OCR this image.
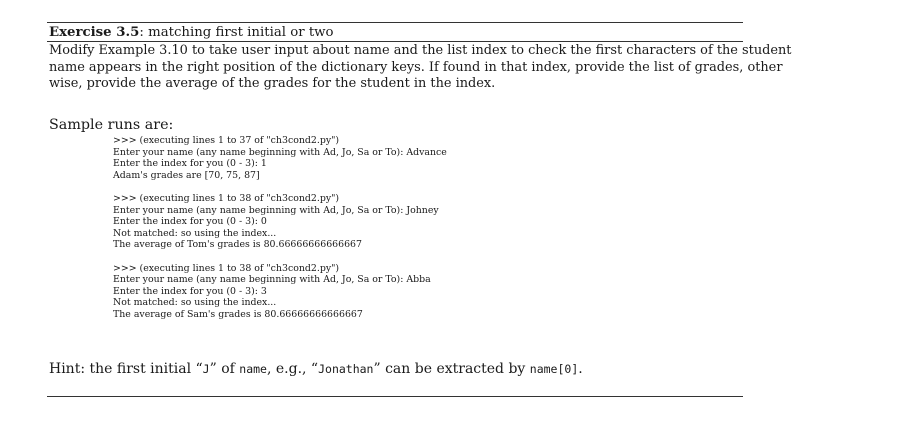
Exercise 3.5: matching first initial or two
Modify Example 3.10 to take user input about name and the list index to check the first characters of the student
name appears in the right position of the dictionary keys. If found in that index, provide the list of grades, other
wise, provide the average of the grades for the student in the index.
Sample runs are:
>>> (executing lines 1 to 37 of "ch3cond2.py")
Enter your name (any name beginning with Ad, Jo, Sa or To): Advance
Enter the index for you (0 - 3): 1
Adam's grades are [70, 75, 87]
>>> (executing lines 1 to 38 of "ch3cond2.py")
Enter your name (any name beginning with Ad, Jo, Sa or To): Johney
Enter the index for you (0 - 3): 0
Not matched: so using the index...
The average of Tom's grades is 80.66666666666667
>>> (executing lines 1 to 38 of "ch3cond2.py")
Enter your name (any name beginning with Ad, Jo, Sa or To): Abba
Enter the index for you (0 - 3): 3
Not matched: so using the index...
The average of Sam's grades is 80.66666666666667
Hint: the first initial “J” of name, e.g., “Jonathan” can be extracted by name[0].
